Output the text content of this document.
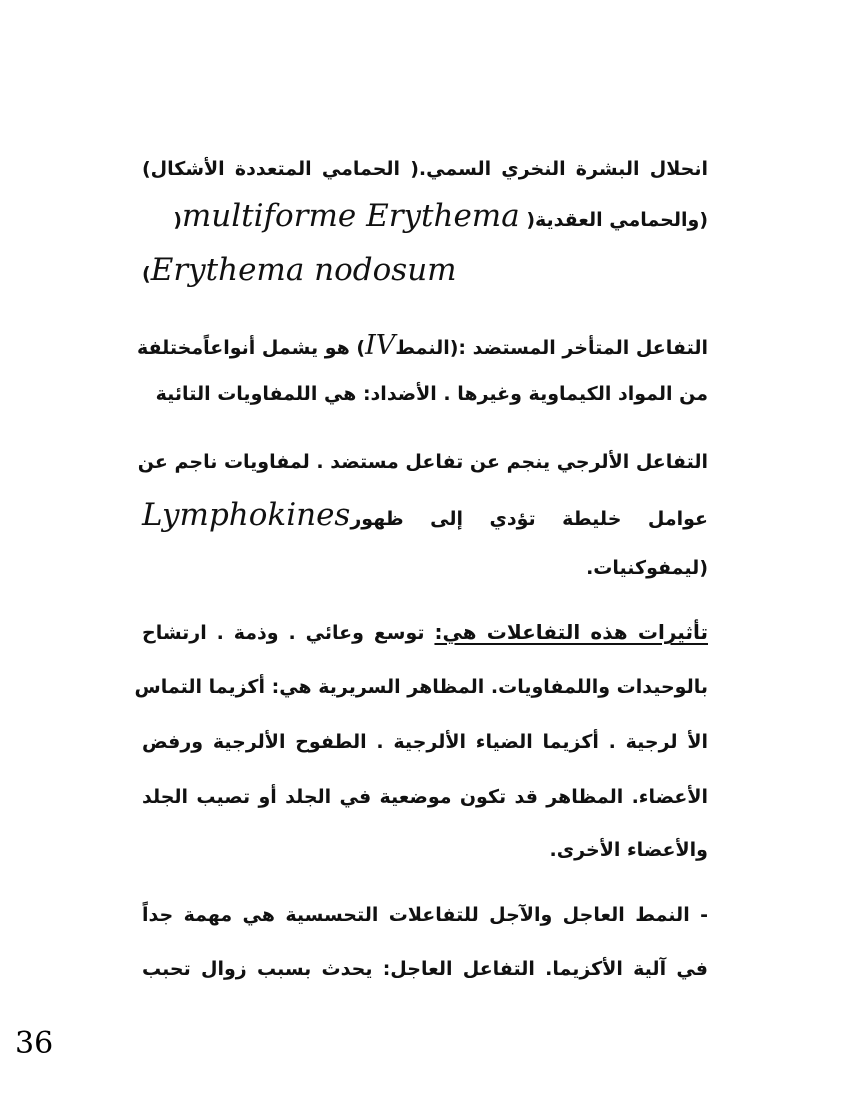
انحلال البشرة النخري السمي.( الحمامي المتعددة الأشكال)
(والحمامي العقدية( multiforme Erythema(
(Erythema nodosum
التفاعل المتأخر المستضد :(النمطIV) هو يشمل أنواعاًمختلفة
من المواد الكيماوية وغيرها . الأضداد: هي اللمفاويات التائية
التفاعل الألرجي ينجم عن تفاعل مستضد . لمفاويات ناجم عن
عوامل خليطة تؤدي إلى ظهورLymphokines
(ليمفوكنيات.
تأثيرات هذه التفاعلات هي: توسع وعائي . وذمة . ارتشاح
بالوحيدات واللمفاويات. المظاهر السريرية هي: أكزيما التماس
الأ لرجية . أكزيما الضياء الألرجية . الطفوح الألرجية ورفض
الأعضاء. المظاهر قد تكون موضعية في الجلد أو تصيب الجلد
والأعضاء الأخرى.
- النمط العاجل والآجل للتفاعلات التحسسية هي مهمة جداً
في آلية الأكزيما. التفاعل العاجل: يحدث بسبب زوال تحبب
36
